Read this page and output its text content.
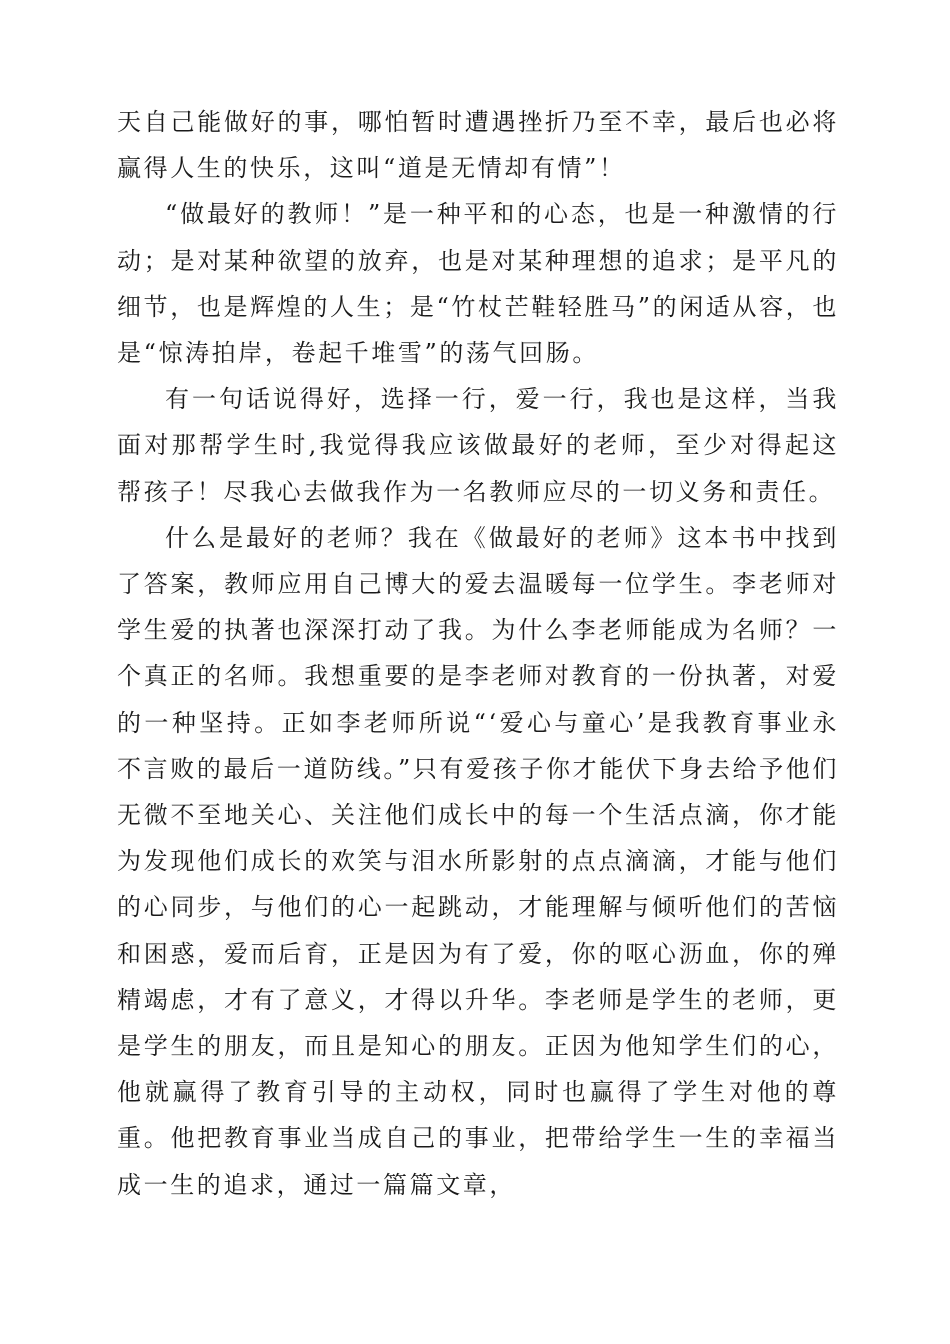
天自己能做好的事，哪怕暂时遭遇挫折乃至不幸，最后也必将赢得人生的快乐，这叫“道是无情却有情”！

“做最好的教师！”是一种平和的心态，也是一种激情的行动；是对某种欲望的放弃，也是对某种理想的追求；是平凡的细节，也是辉煌的人生；是“竹杖芒鞋轻胜马”的闲适从容，也是“惊涛拍岸，卷起千堆雪”的荡气回肠。

有一句话说得好，选择一行，爱一行，我也是这样，当我面对那帮学生时,我觉得我应该做最好的老师，至少对得起这帮孩子！尽我心去做我作为一名教师应尽的一切义务和责任。

什么是最好的老师？我在《做最好的老师》这本书中找到了答案，教师应用自己博大的爱去温暖每一位学生。李老师对学生爱的执著也深深打动了我。为什么李老师能成为名师？一个真正的名师。我想重要的是李老师对教育的一份执著，对爱的一种坚持。正如李老师所说“‘爱心与童心’是我教育事业永不言败的最后一道防线。”只有爱孩子你才能伏下身去给予他们无微不至地关心、关注他们成长中的每一个生活点滴，你才能为发现他们成长的欢笑与泪水所影射的点点滴滴，才能与他们的心同步，与他们的心一起跳动，才能理解与倾听他们的苦恼和困惑，爱而后育，正是因为有了爱，你的呕心沥血，你的殚精竭虑，才有了意义，才得以升华。李老师是学生的老师，更是学生的朋友，而且是知心的朋友。正因为他知学生们的心，他就赢得了教育引导的主动权，同时也赢得了学生对他的尊重。他把教育事业当成自己的事业，把带给学生一生的幸福当成一生的追求，通过一篇篇文章，
